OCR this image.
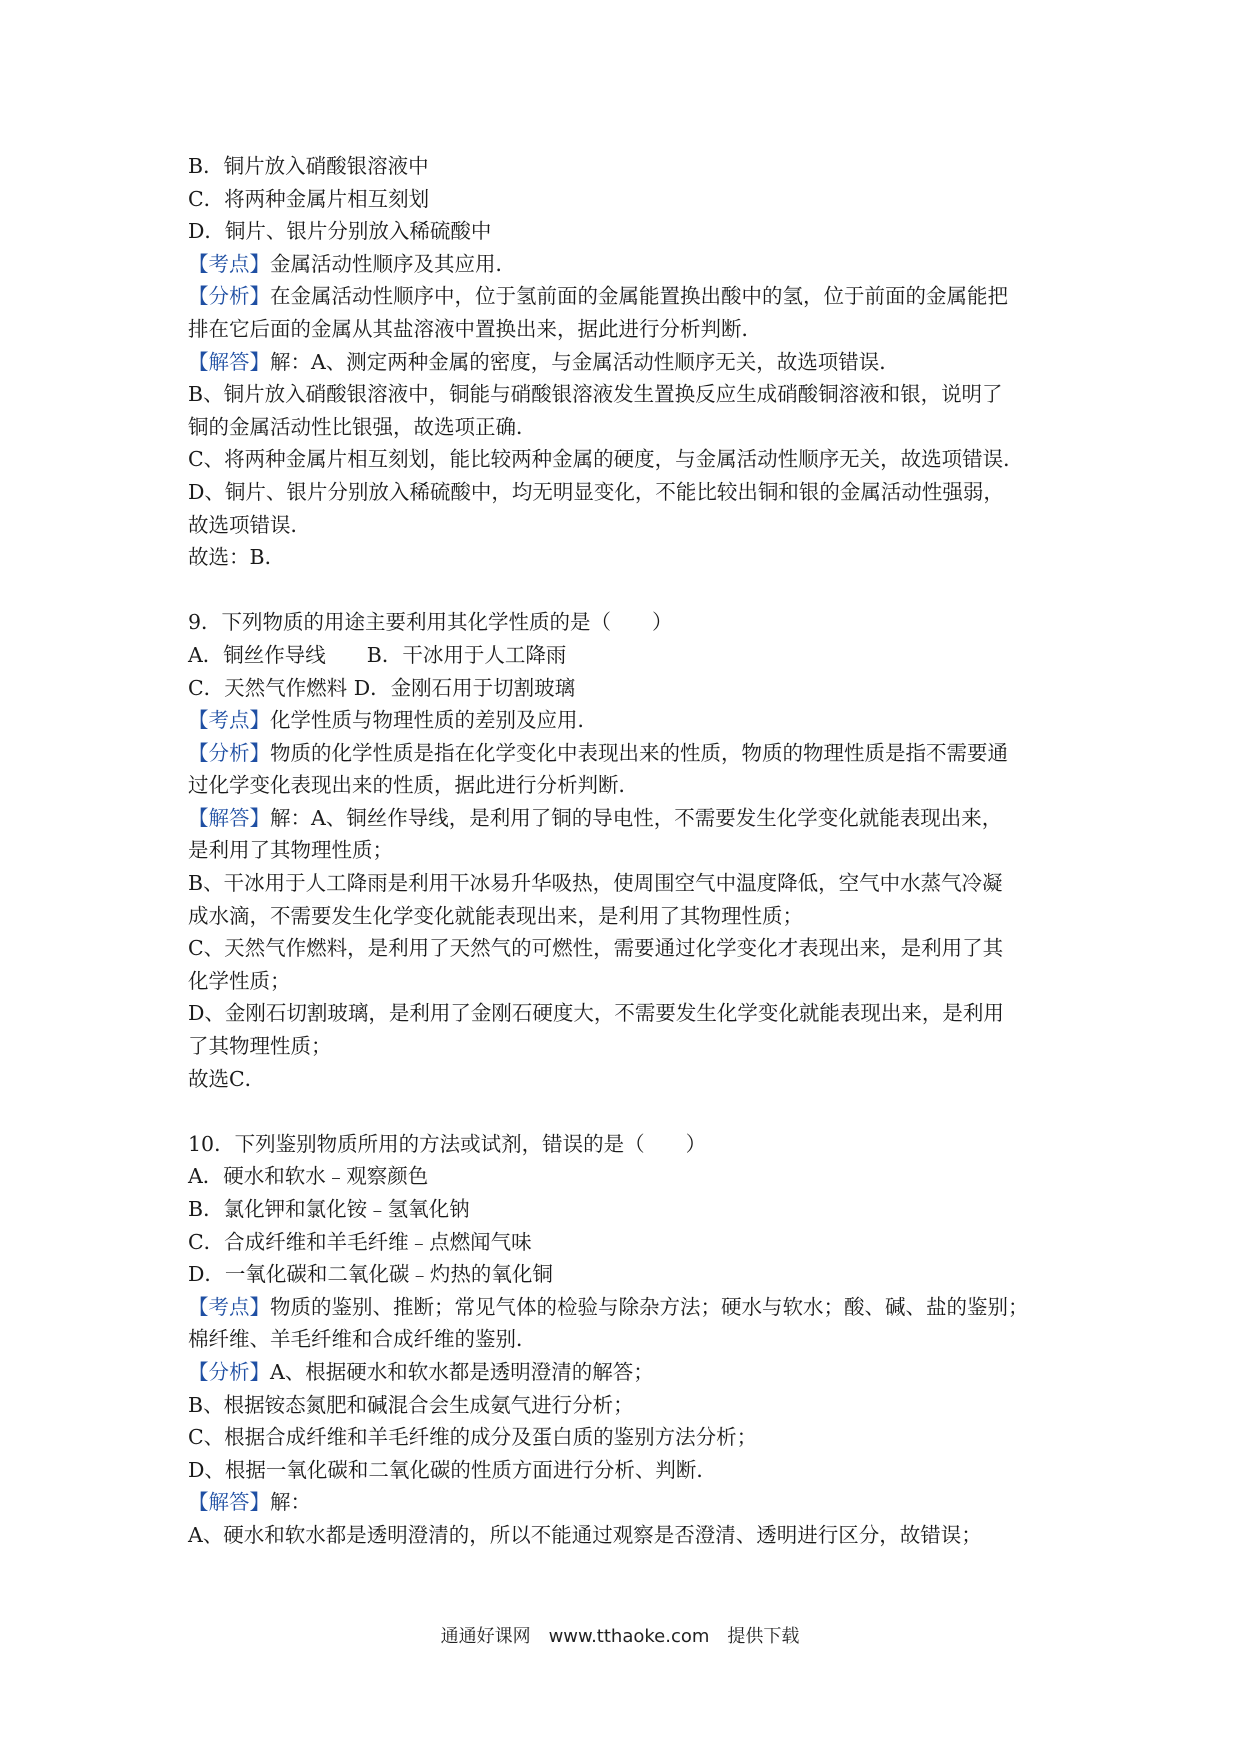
B．铜片放入硝酸银溶液中
C．将两种金属片相互刻划
D．铜片、银片分别放入稀硫酸中
【考点】金属活动性顺序及其应用．
【分析】在金属活动性顺序中，位于氢前面的金属能置换出酸中的氢，位于前面的金属能把
排在它后面的金属从其盐溶液中置换出来，据此进行分析判断．
【解答】解：A、测定两种金属的密度，与金属活动性顺序无关，故选项错误．
B、铜片放入硝酸银溶液中，铜能与硝酸银溶液发生置换反应生成硝酸铜溶液和银，说明了
铜的金属活动性比银强，故选项正确．
C、将两种金属片相互刻划，能比较两种金属的硬度，与金属活动性顺序无关，故选项错误．
D、铜片、银片分别放入稀硫酸中，均无明显变化，不能比较出铜和银的金属活动性强弱，
故选项错误．
故选：B．
9．下列物质的用途主要利用其化学性质的是（　　）
A．铜丝作导线　　B．干冰用于人工降雨
C．天然气作燃料 D．金刚石用于切割玻璃
【考点】化学性质与物理性质的差别及应用．
【分析】物质的化学性质是指在化学变化中表现出来的性质，物质的物理性质是指不需要通
过化学变化表现出来的性质，据此进行分析判断．
【解答】解：A、铜丝作导线，是利用了铜的导电性，不需要发生化学变化就能表现出来，
是利用了其物理性质；
B、干冰用于人工降雨是利用干冰易升华吸热，使周围空气中温度降低，空气中水蒸气冷凝
成水滴，不需要发生化学变化就能表现出来，是利用了其物理性质；
C、天然气作燃料，是利用了天然气的可燃性，需要通过化学变化才表现出来，是利用了其
化学性质；
D、金刚石切割玻璃，是利用了金刚石硬度大，不需要发生化学变化就能表现出来，是利用
了其物理性质；
故选C．
10．下列鉴别物质所用的方法或试剂，错误的是（　　）
A．硬水和软水﹣观察颜色
B．氯化钾和氯化铵﹣氢氧化钠
C．合成纤维和羊毛纤维﹣点燃闻气味
D．一氧化碳和二氧化碳﹣灼热的氧化铜
【考点】物质的鉴别、推断；常见气体的检验与除杂方法；硬水与软水；酸、碱、盐的鉴别；
棉纤维、羊毛纤维和合成纤维的鉴别．
【分析】A、根据硬水和软水都是透明澄清的解答；
B、根据铵态氮肥和碱混合会生成氨气进行分析；
C、根据合成纤维和羊毛纤维的成分及蛋白质的鉴别方法分析；
D、根据一氧化碳和二氧化碳的性质方面进行分析、判断．
【解答】解：
A、硬水和软水都是透明澄清的，所以不能通过观察是否澄清、透明进行区分，故错误；
通通好课网　www.tthaoke.com　提供下载
